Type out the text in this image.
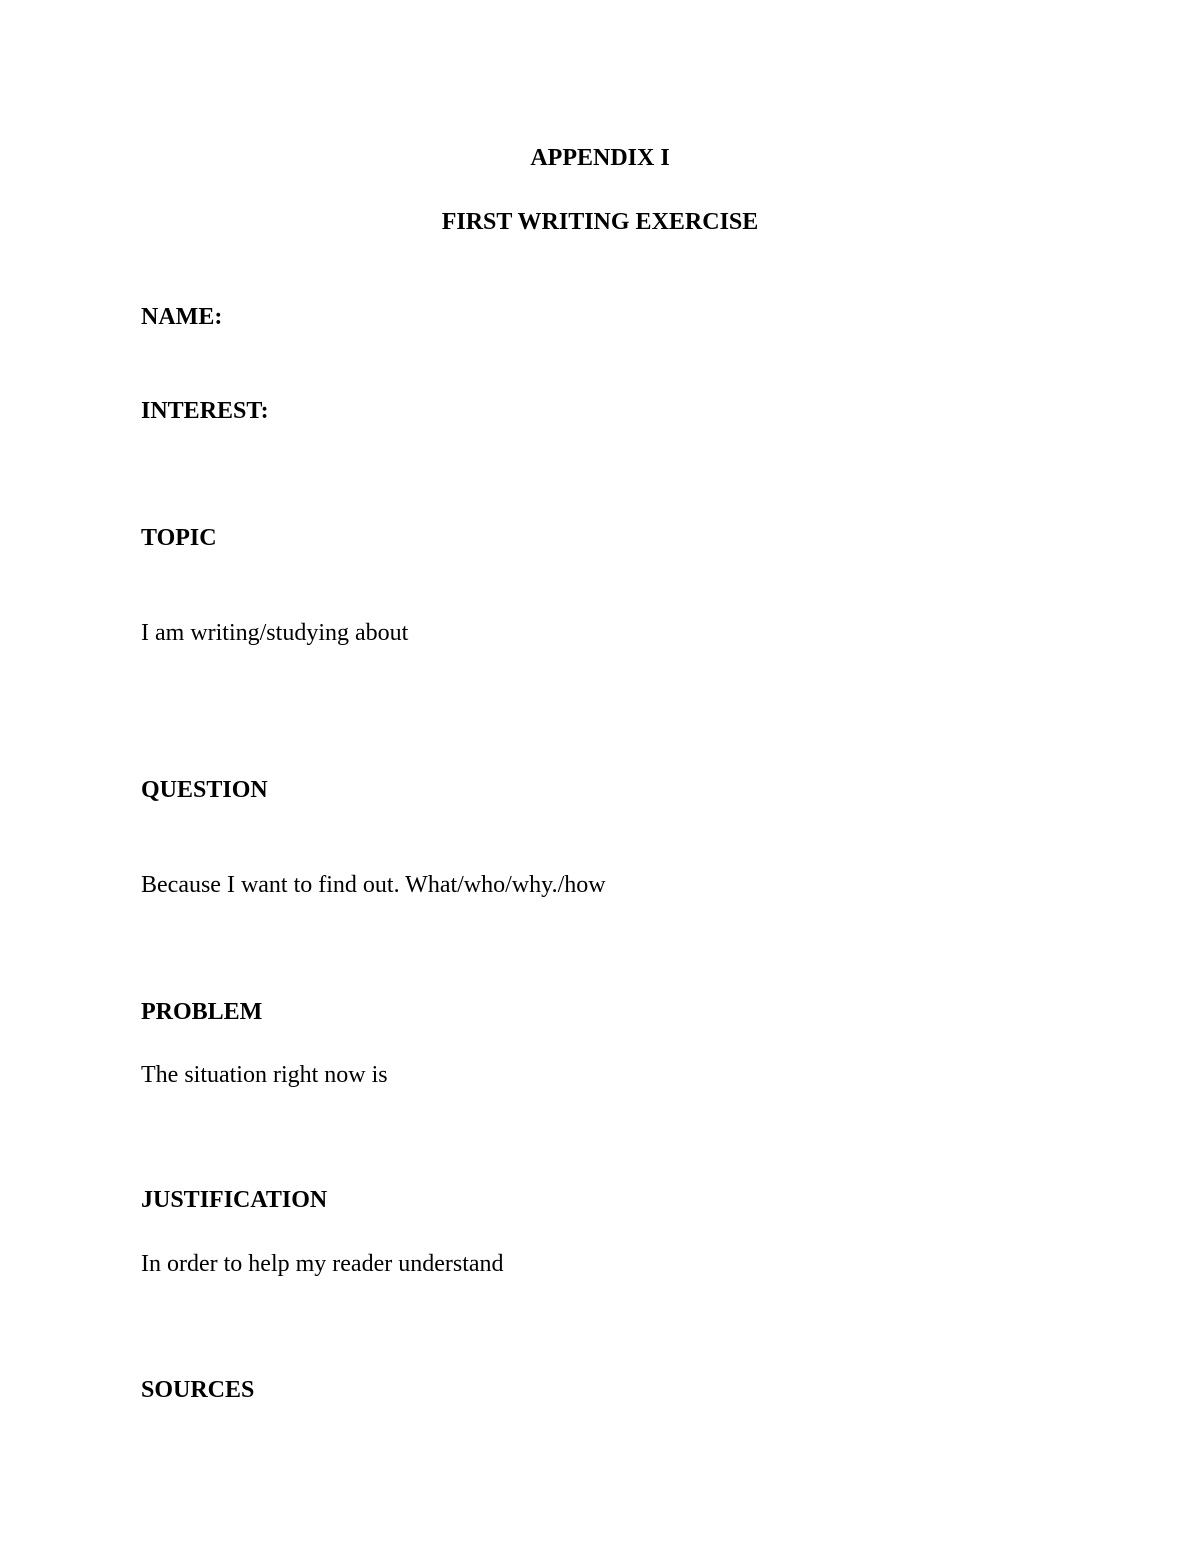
APPENDIX I

FIRST WRITING EXERCISE

NAME:

INTEREST:

TOPIC

I am writing/studying about

QUESTION

Because I want to find out. What/who/why./how

PROBLEM

The situation right now is

JUSTIFICATION

In order to help my reader understand

SOURCES
